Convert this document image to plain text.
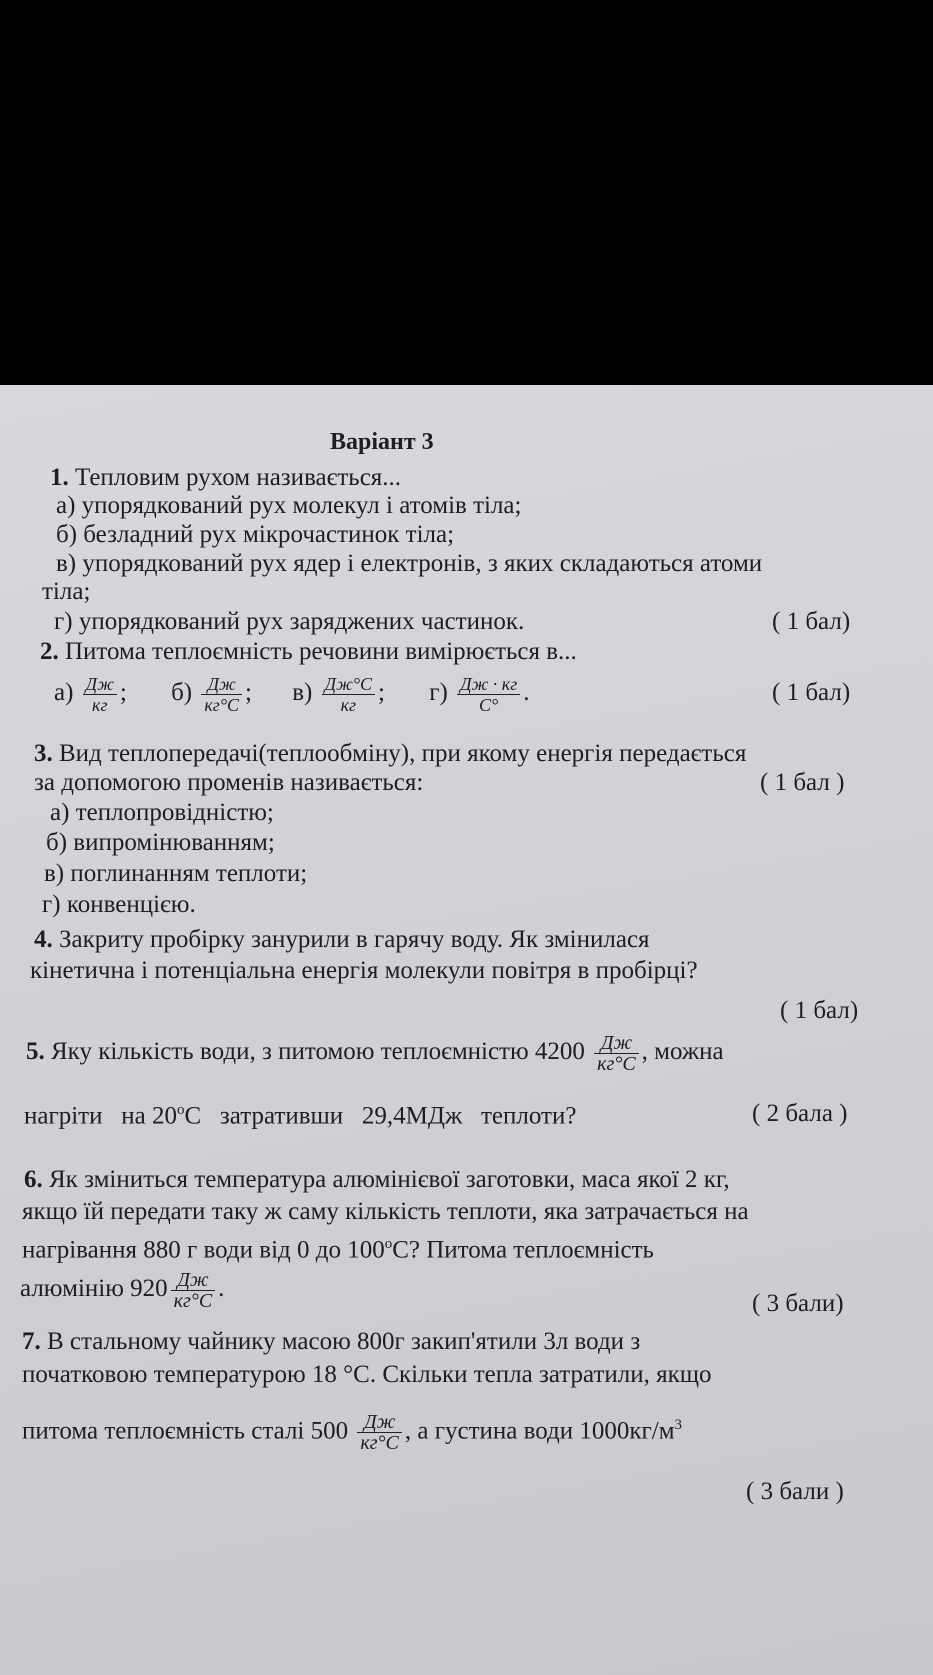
Варіант 3
1. Тепловим рухом називається...
а) упорядкований рух молекул і атомів тіла;
б) безладний рух мікрочастинок тіла;
в) упорядкований рух ядер і електронів, з яких складаються атоми
тіла;
г) упорядкований рух заряджених частинок.	( 1 бал)
2. Питома теплоємність речовини вимірюється в...
$а) \frac{Дж}{кг}$ ; $б) \frac{Дж}{кг^\circ С}$ ; $в) \frac{Дж^\circ С}{кг}$ ; $г) \frac{Дж \cdot кг}{С^\circ}$ .	( 1 бал)
3. Вид теплопередачі(теплообміну), при якому енергія передається
за допомогою променів називається:	( 1 бал )
а) теплопровідністю;
б) випромінюванням;
в) поглинанням теплоти;
г) конвенцією.
4. Закриту пробірку занурили в гарячу воду. Як змінилася
кінетична і потенціальна енергія молекули повітря в пробірці?
( 1 бал)
5. Яку кількість води, з питомою теплоємністю $4200 \frac{Дж}{кг^\circ С}$ , можна
нагріти на $20^оС$ затративши 29,4МДж теплоти?	( 2 бала )
6. Як зміниться температура алюмінієвої заготовки, маса якої 2 кг,
якщо їй передати таку ж саму кількість теплоти, яка затрачається на
нагрівання 880 г води від 0 до $100^оС$? Питома теплоємність
алюмінію $920 \frac{Дж}{кг^\circ С}$ .
( 3 бали)
7. В стальному чайнику масою 800г закип'ятили 3л води з
початковою температурою 18 °С. Скільки тепла затратили, якщо
питома теплоємність сталі $500 \frac{Дж}{кг^\circ С}$ , а густина води $1000кг/м^3$
( 3 бали )
